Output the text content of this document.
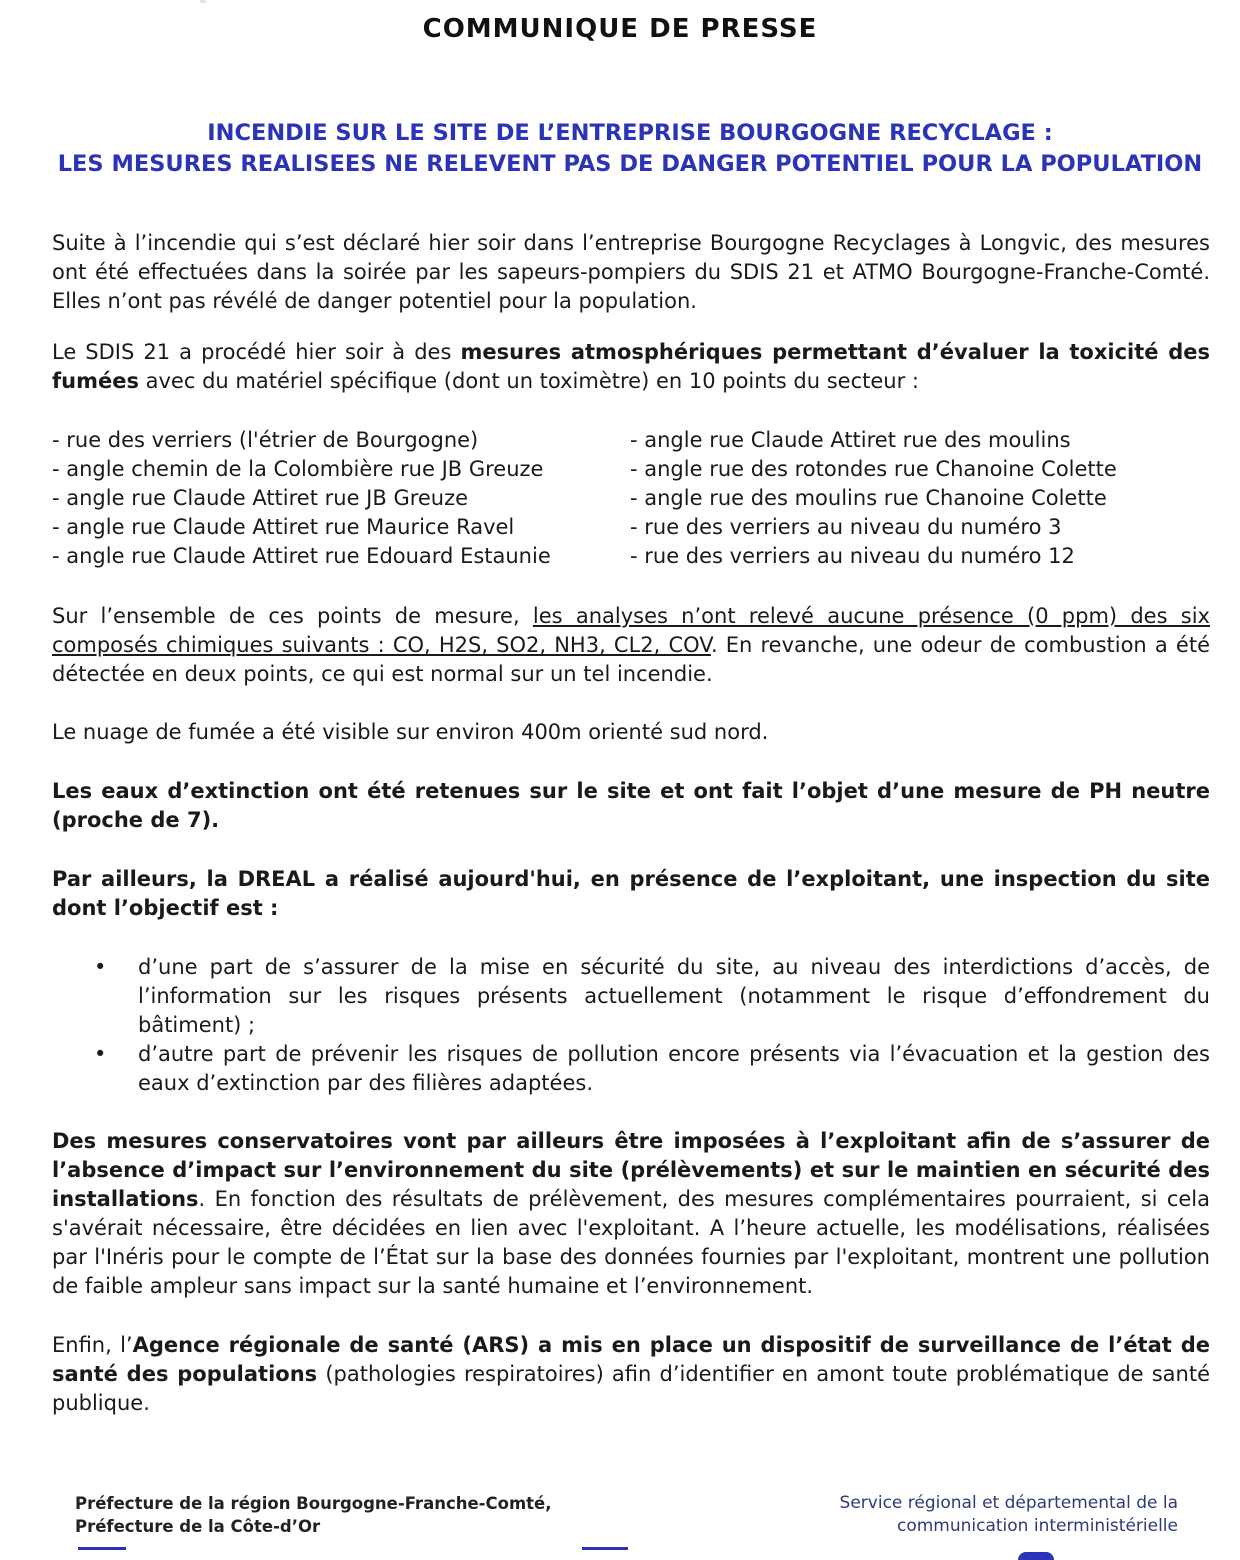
COMMUNIQUE DE PRESSE
INCENDIE SUR LE SITE DE L’ENTREPRISE BOURGOGNE RECYCLAGE :
LES MESURES REALISEES NE RELEVENT PAS DE DANGER POTENTIEL POUR LA POPULATION

Suite à l’incendie qui s’est déclaré hier soir dans l’entreprise Bourgogne Recyclages à Longvic, des mesures ont été effectuées dans la soirée par les sapeurs-pompiers du SDIS 21 et ATMO Bourgogne-Franche-Comté. Elles n’ont pas révélé de danger potentiel pour la population.

Le SDIS 21 a procédé hier soir à des mesures atmosphériques permettant d’évaluer la toxicité des fumées avec du matériel spécifique (dont un toximètre) en 10 points du secteur :

- rue des verriers (l'étrier de Bourgogne)
- angle chemin de la Colombière rue JB Greuze
- angle rue Claude Attiret rue JB Greuze
- angle rue Claude Attiret rue Maurice Ravel
- angle rue Claude Attiret rue Edouard Estaunie
- angle rue Claude Attiret rue des moulins
- angle rue des rotondes rue Chanoine Colette
- angle rue des moulins rue Chanoine Colette
- rue des verriers au niveau du numéro 3
- rue des verriers au niveau du numéro 12

Sur l’ensemble de ces points de mesure, les analyses n’ont relevé aucune présence (0 ppm) des six composés chimiques suivants : CO, H2S, SO2, NH3, CL2, COV. En revanche, une odeur de combustion a été détectée en deux points, ce qui est normal sur un tel incendie.

Le nuage de fumée a été visible sur environ 400m orienté sud nord.

Les eaux d’extinction ont été retenues sur le site et ont fait l’objet d’une mesure de PH neutre (proche de 7).

Par ailleurs, la DREAL a réalisé aujourd'hui, en présence de l’exploitant, une inspection du site dont l’objectif est :

• d’une part de s’assurer de la mise en sécurité du site, au niveau des interdictions d’accès, de l’information sur les risques présents actuellement (notamment le risque d’effondrement du bâtiment) ;
• d’autre part de prévenir les risques de pollution encore présents via l’évacuation et la gestion des eaux d’extinction par des filières adaptées.

Des mesures conservatoires vont par ailleurs être imposées à l’exploitant afin de s’assurer de l’absence d’impact sur l’environnement du site (prélèvements) et sur le maintien en sécurité des installations. En fonction des résultats de prélèvement, des mesures complémentaires pourraient, si cela s'avérait nécessaire, être décidées en lien avec l'exploitant. A l’heure actuelle, les modélisations, réalisées par l'Inéris pour le compte de l’État sur la base des données fournies par l'exploitant, montrent une pollution de faible ampleur sans impact sur la santé humaine et l’environnement.

Enfin, l’Agence régionale de santé (ARS) a mis en place un dispositif de surveillance de l’état de santé des populations (pathologies respiratoires) afin d’identifier en amont toute problématique de santé publique.

Préfecture de la région Bourgogne-Franche-Comté,
Préfecture de la Côte-d’Or
Service régional et départemental de la
communication interministérielle
